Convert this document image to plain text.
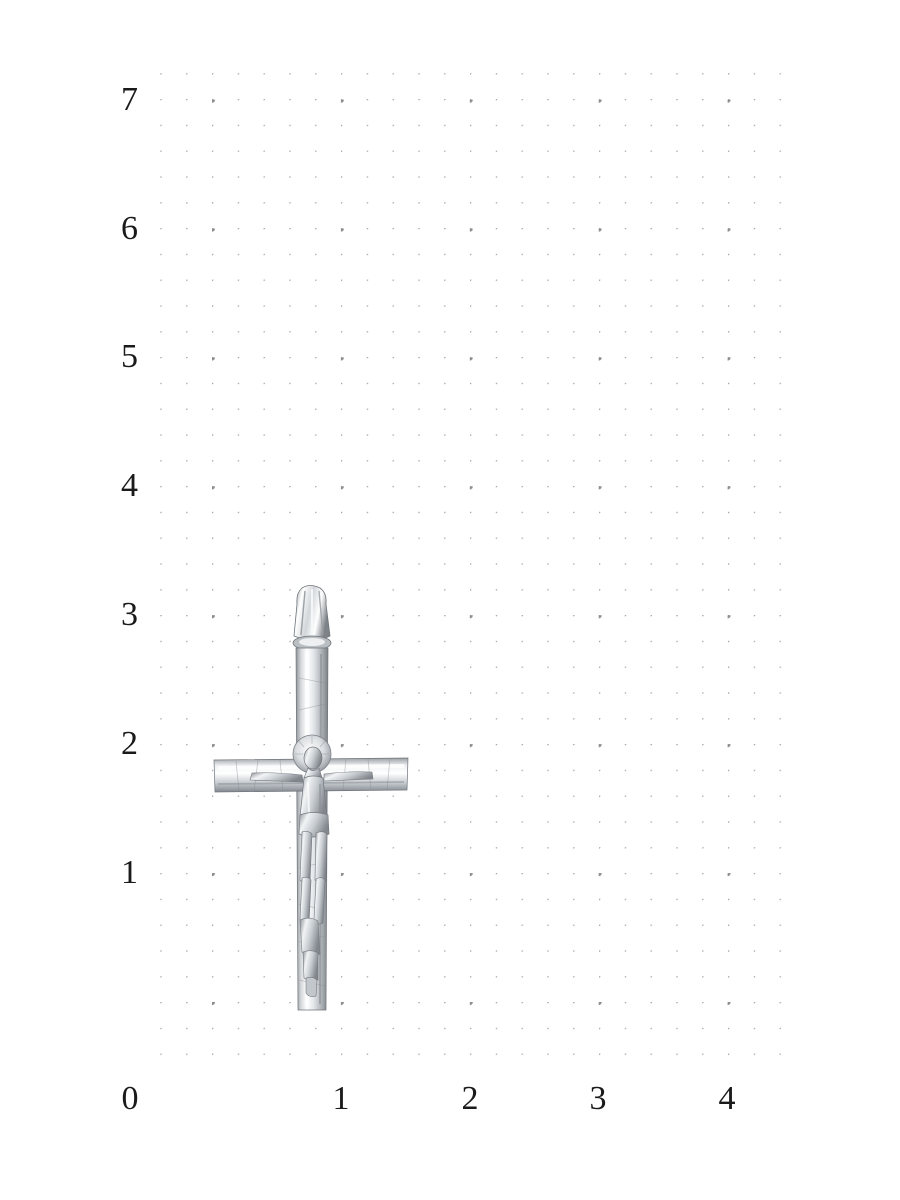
7
6
5
4
3
2
1
0	1	2	3	4
